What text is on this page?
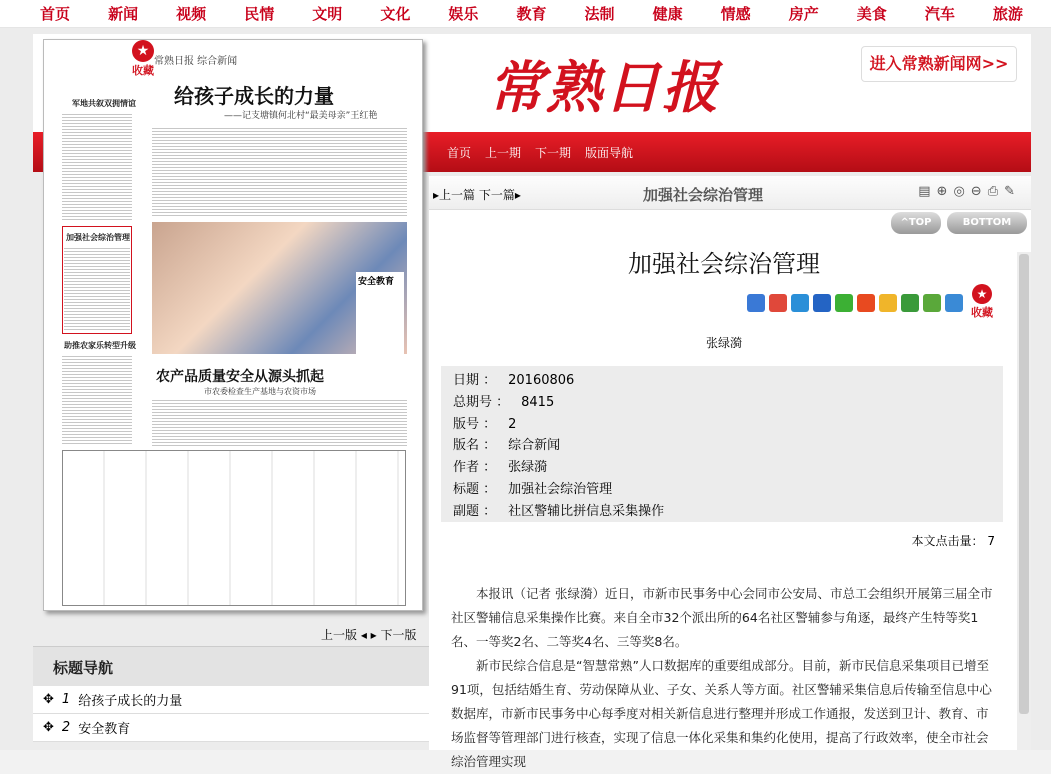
首页	新闻	视频	民情	文明	文化	娱乐	教育	法制	健康	情感	房产	美食	汽车	旅游
常熟日报	进入常熟新闻网>>
首页 上一期 下一期 版面导航
★
收藏
常熟日报 综合新闻
给孩子成长的力量
——记支塘镇何北村“最美母亲”王红艳
军地共叙双拥情谊
加强社会综治管理
助推农家乐转型升级
安全教育
农产品质量安全从源头抓起
市农委检查生产基地与农资市场
上一版 ◂ ▸ 下一版
标题导航
✥ 1 给孩子成长的力量
✥ 2 安全教育
▸上一篇 下一篇▸	加强社会综治管理	▤ ⊕ ◎ ⊖ ⎙ ✎
^TOP	BOTTOM
加强社会综治管理
★
收藏
张绿漪
日期 ： 20160806
总期号 ： 8415
版号 ： 2
版名 ： 综合新闻
作者 ： 张绿漪
标题 ： 加强社会综治管理
副题 ： 社区警辅比拼信息采集操作
本文点击量： 7

本报讯（记者 张绿漪）近日，市新市民事务中心会同市公安局、市总工会组织开展第三届全市社区警辅信息采集操作比赛。来自全市32个派出所的64名社区警辅参与角逐，最终产生特等奖1名、一等奖2名、二等奖4名、三等奖8名。

新市民综合信息是“智慧常熟”人口数据库的重要组成部分。目前，新市民信息采集项目已增至91项，包括结婚生育、劳动保障从业、子女、关系人等方面。社区警辅采集信息后传输至信息中心数据库，市新市民事务中心每季度对相关新信息进行整理并形成工作通报，发送到卫计、教育、市场监督等管理部门进行核查，实现了信息一体化采集和集约化使用，提高了行政效率，使全市社会综治管理实现
